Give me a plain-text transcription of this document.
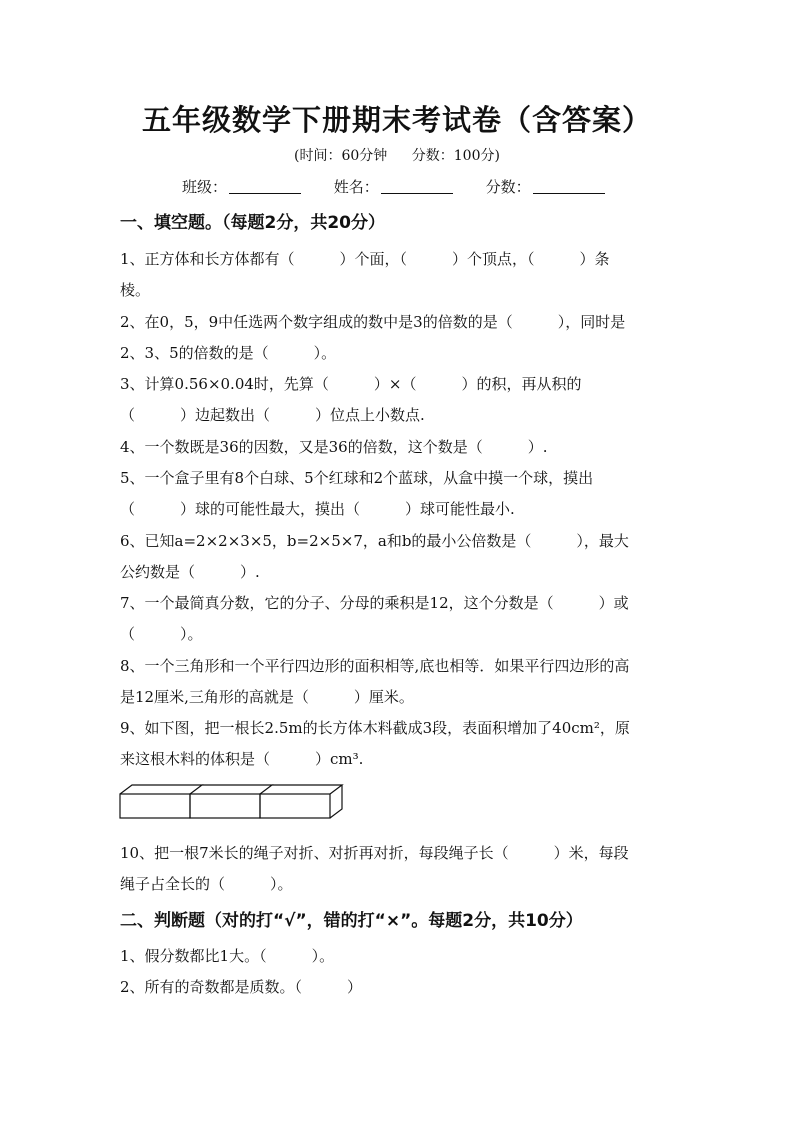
五年级数学下册期末考试卷（含答案）
(时间：60分钟 分数：100分)
班级：	姓名：	分数：
一、填空题。（每题2分，共20分）
1、正方体和长方体都有（　　　）个面，（　　　）个顶点，（　　　）条
棱。
2、在0，5，9中任选两个数字组成的数中是3的倍数的是（　　　），同时是
2、3、5的倍数的是（　　　）。
3、计算0.56×0.04时，先算（　　　）×（　　　）的积，再从积的
（　　　）边起数出（　　　）位点上小数点.
4、一个数既是36的因数，又是36的倍数，这个数是（　　　）.
5、一个盒子里有8个白球、5个红球和2个蓝球，从盒中摸一个球，摸出
（　　　）球的可能性最大，摸出（　　　）球可能性最小.
6、已知a=2×2×3×5，b=2×5×7，a和b的最小公倍数是（　　　），最大
公约数是（　　　）.
7、一个最简真分数，它的分子、分母的乘积是12，这个分数是（　　　）或
（　　　）。
8、一个三角形和一个平行四边形的面积相等,底也相等．如果平行四边形的高
是12厘米,三角形的高就是（　　　）厘米。
9、如下图，把一根长2.5m的长方体木料截成3段，表面积增加了40cm²，原
来这根木料的体积是（　　　）cm³.
10、把一根7米长的绳子对折、对折再对折，每段绳子长（　　　）米，每段
绳子占全长的（　　　）。
二、判断题（对的打“√”，错的打“×”。每题2分，共10分）
1、假分数都比1大。（　　　）。
2、所有的奇数都是质数。（　　　）
